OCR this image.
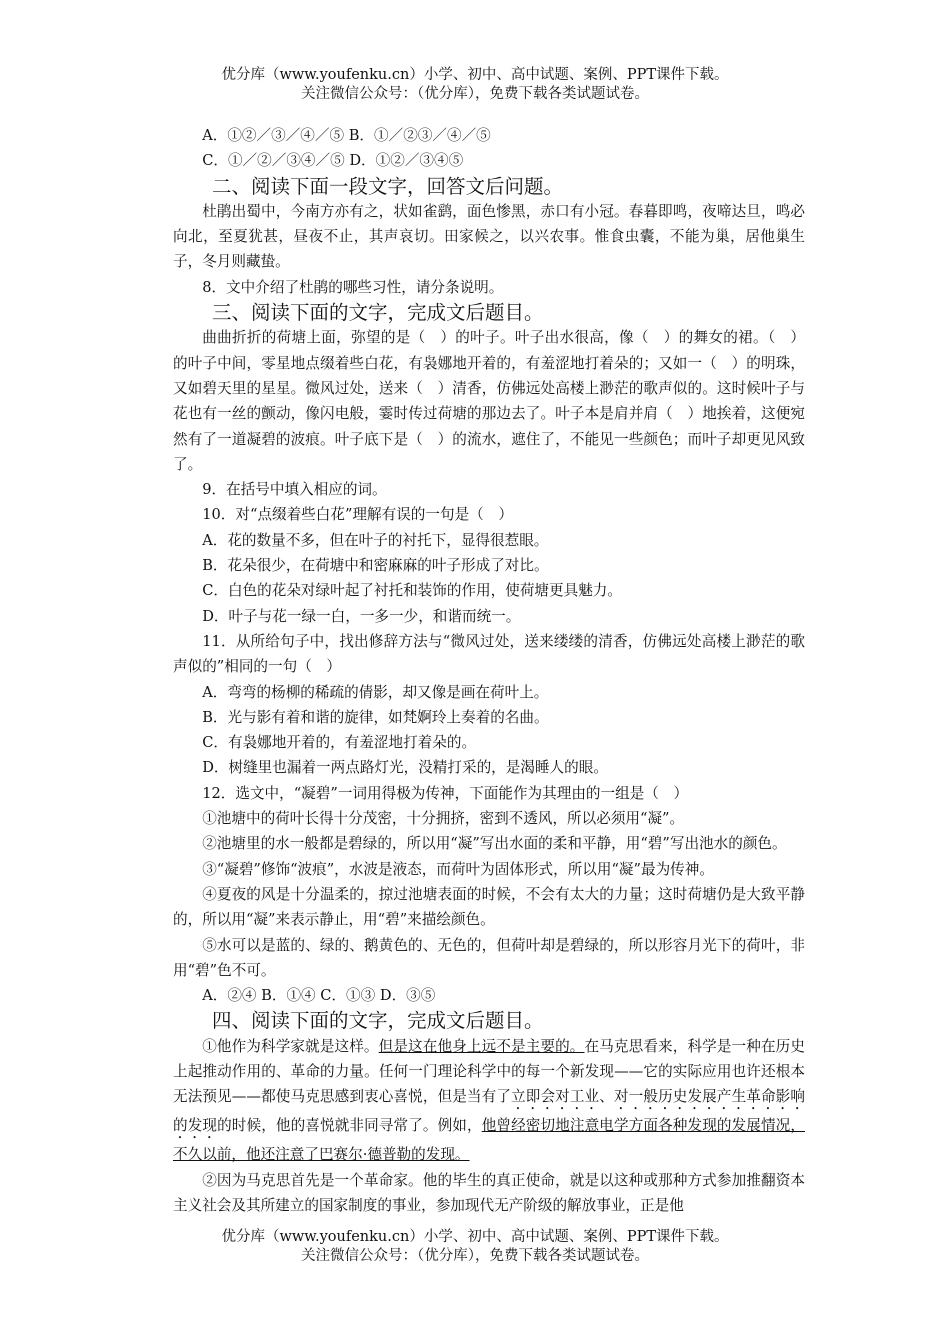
优分库（www.youfenku.cn）小学、初中、高中试题、案例、PPT课件下载。
关注微信公众号：（优分库），免费下载各类试题试卷。

A．①②／③／④／⑤ B．①／②③／④／⑤

C．①／②／③④／⑤ D．①②／③④⑤

二、阅读下面一段文字，回答文后问题。

杜鹃出蜀中，今南方亦有之，状如雀鹞，面色惨黑，赤口有小冠。春暮即鸣，夜啼达旦，鸣必向北，至夏犹甚，昼夜不止，其声哀切。田家候之，以兴农事。惟食虫囊，不能为巢，居他巢生子，冬月则藏蛰。

8．文中介绍了杜鹃的哪些习性，请分条说明。

三、阅读下面的文字，完成文后题目。

曲曲折折的荷塘上面，弥望的是（　）的叶子。叶子出水很高，像（　）的舞女的裙。（　）的叶子中间，零星地点缀着些白花，有袅娜地开着的，有羞涩地打着朵的；又如一（　）的明珠，又如碧天里的星星。微风过处，送来（　）清香，仿佛远处高楼上渺茫的歌声似的。这时候叶子与花也有一丝的颤动，像闪电般，霎时传过荷塘的那边去了。叶子本是肩并肩（　）地挨着，这便宛然有了一道凝碧的波痕。叶子底下是（　）的流水，遮住了，不能见一些颜色；而叶子却更见风致了。

9．在括号中填入相应的词。

10．对“点缀着些白花”理解有误的一句是（　）

A．花的数量不多，但在叶子的衬托下，显得很惹眼。

B．花朵很少，在荷塘中和密麻麻的叶子形成了对比。

C．白色的花朵对绿叶起了衬托和装饰的作用，使荷塘更具魅力。

D．叶子与花一绿一白，一多一少，和谐而统一。

11．从所给句子中，找出修辞方法与“微风过处，送来缕缕的清香，仿佛远处高楼上渺茫的歌声似的”相同的一句（　）

A．弯弯的杨柳的稀疏的倩影，却又像是画在荷叶上。

B．光与影有着和谐的旋律，如梵婀玲上奏着的名曲。

C．有袅娜地开着的，有羞涩地打着朵的。

D．树缝里也漏着一两点路灯光，没精打采的，是渴睡人的眼。

12．选文中，“凝碧”一词用得极为传神，下面能作为其理由的一组是（　）

①池塘中的荷叶长得十分茂密，十分拥挤，密到不透风，所以必须用“凝”。

②池塘里的水一般都是碧绿的，所以用“凝”写出水面的柔和平静，用“碧”写出池水的颜色。

③“凝碧”修饰“波痕”，水波是液态，而荷叶为固体形式，所以用“凝”最为传神。

④夏夜的风是十分温柔的，掠过池塘表面的时候，不会有太大的力量；这时荷塘仍是大致平静的，所以用“凝”来表示静止，用“碧”来描绘颜色。

⑤水可以是蓝的、绿的、鹅黄色的、无色的，但荷叶却是碧绿的，所以形容月光下的荷叶，非用“碧”色不可。

A．②④ B．①④ C．①③ D．③⑤

四、阅读下面的文字，完成文后题目。

①他作为科学家就是这样。但是这在他身上远不是主要的。在马克思看来，科学是一种在历史上起推动作用的、革命的力量。任何一门理论科学中的每一个新发现——它的实际应用也许还根本无法预见——都使马克思感到衷心喜悦，但是当有了立即会对工业、对一般历史发展产生革命影响的发现的时候，他的喜悦就非同寻常了。例如，他曾经密切地注意电学方面各种发现的发展情况，不久以前，他还注意了巴赛尔·德普勒的发现。

②因为马克思首先是一个革命家。他的毕生的真正使命，就是以这种或那种方式参加推翻资本主义社会及其所建立的国家制度的事业，参加现代无产阶级的解放事业，正是他

优分库（www.youfenku.cn）小学、初中、高中试题、案例、PPT课件下载。
关注微信公众号：（优分库），免费下载各类试题试卷。
